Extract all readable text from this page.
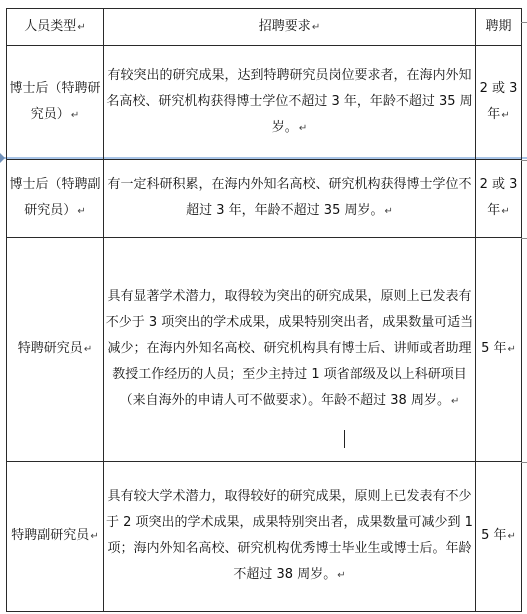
人员类型↵	招聘要求↵	聘期
博士后（特聘研究员）↵	有较突出的研究成果，达到特聘研究员岗位要求者，在海内外知名高校、研究机构获得博士学位不超过 3 年，年龄不超过 35 周岁。↵	2 或 3 年↵
博士后（特聘副研究员）↵	有一定科研积累，在海内外知名高校、研究机构获得博士学位不超过 3 年，年龄不超过 35 周岁。↵	2 或 3 年↵
特聘研究员↵	具有显著学术潜力，取得较为突出的研究成果，原则上已发表有不少于 3 项突出的学术成果，成果特别突出者，成果数量可适当减少；在海内外知名高校、研究机构具有博士后、讲师或者助理教授工作经历的人员；至少主持过 1 项省部级及以上科研项目（来自海外的申请人可不做要求）。年龄不超过 38 周岁。↵	5 年↵
特聘副研究员↵	具有较大学术潜力，取得较好的研究成果，原则上已发表有不少于 2 项突出的学术成果，成果特别突出者，成果数量可减少到 1 项；海内外知名高校、研究机构优秀博士毕业生或博士后。年龄不超过 38 周岁。↵	5 年↵
